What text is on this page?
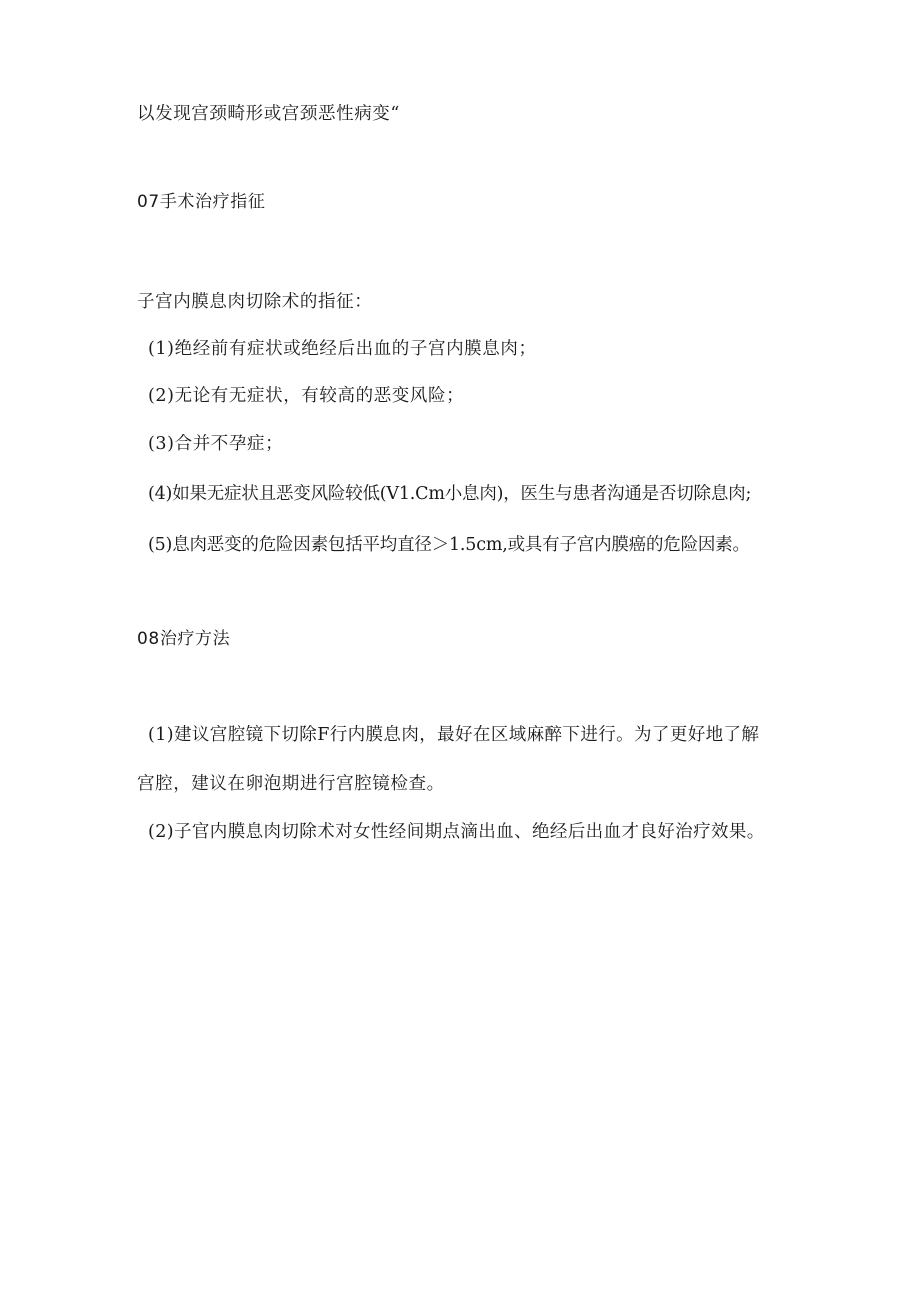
以发现宫颈畸形或宫颈恶性病变“
07手术治疗指征
子宫内膜息肉切除术的指征：
(1)绝经前有症状或绝经后出血的子宫内膜息肉；
(2)无论有无症状，有较高的恶变风险；
(3)合并不孕症；
(4)如果无症状且恶变风险较低(V1.Cm小息肉)，医生与患者沟通是否切除息肉;
(5)息肉恶变的危险因素包括平均直径＞1.5cm,或具有子宫内膜癌的危险因素。
08治疗方法
(1)建议宫腔镜下切除F行内膜息肉，最好在区域麻醉下进行。为了更好地了解
宫腔，建议在卵泡期进行宫腔镜检查。
(2)子官内膜息肉切除术对女性经间期点滴出血、绝经后出血才良好治疗效果。
